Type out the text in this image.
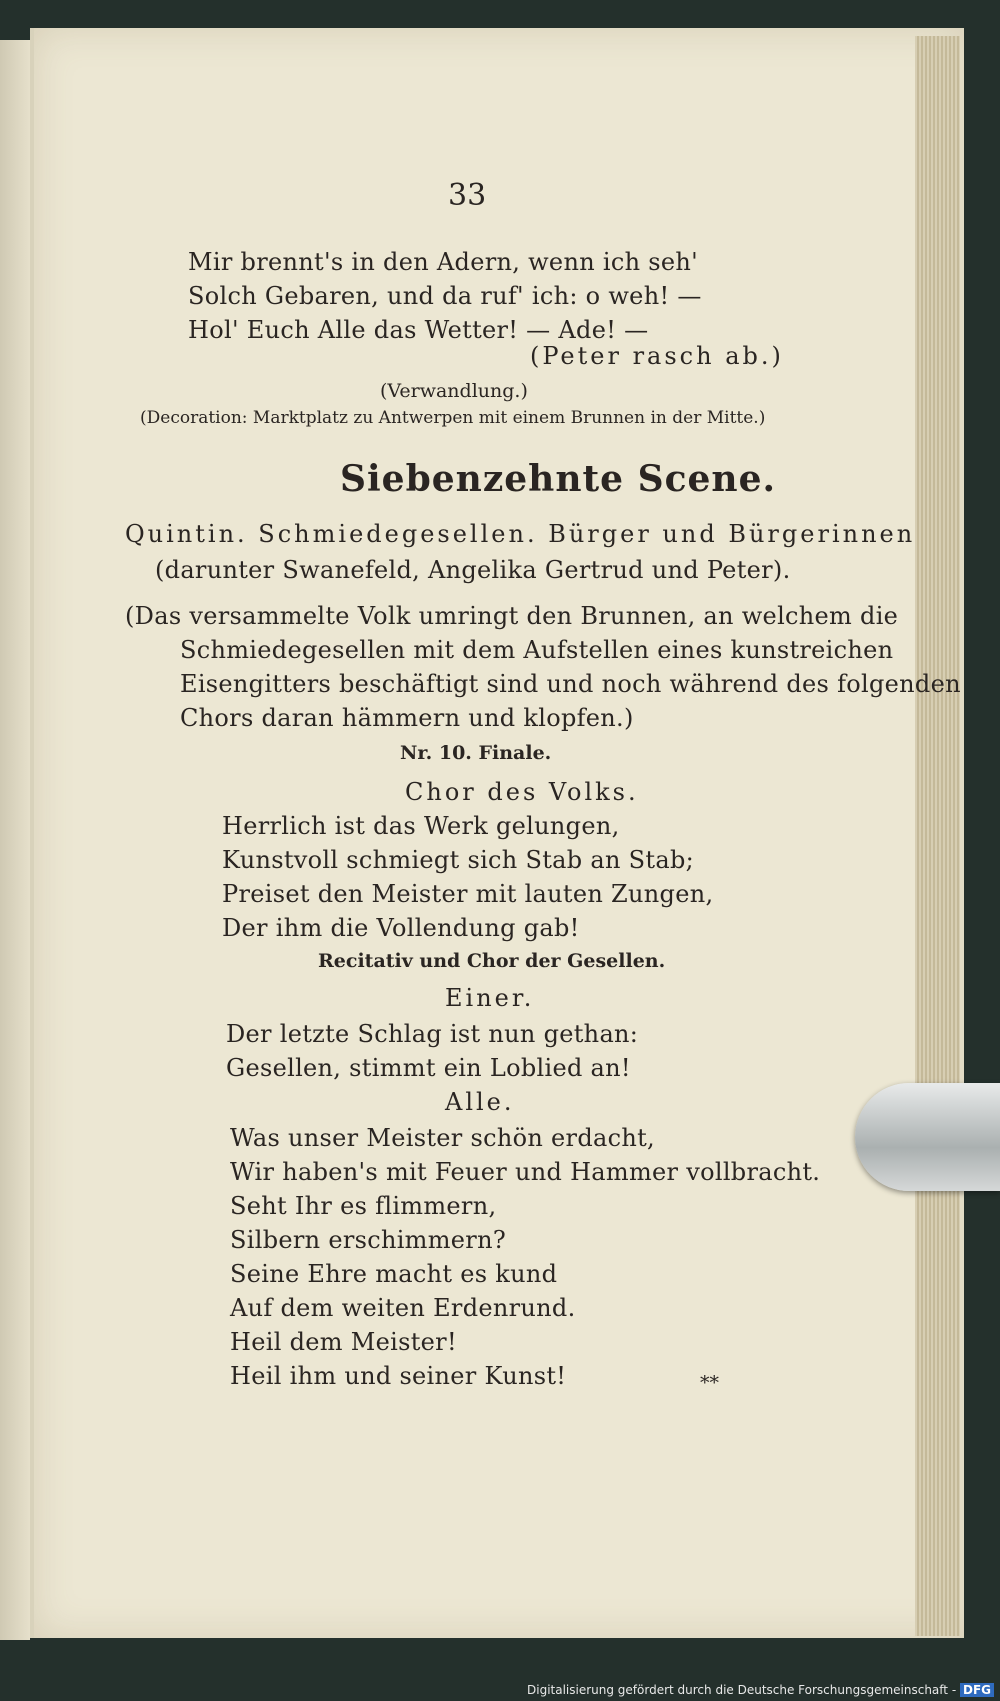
33
Mir brennt's in den Adern, wenn ich seh'
Solch Gebaren, und da ruf' ich: o weh! —
Hol' Euch Alle das Wetter! — Ade! —
(Peter rasch ab.)
(Verwandlung.)
(Decoration: Marktplatz zu Antwerpen mit einem Brunnen in der Mitte.)
Siebenzehnte Scene.
Quintin. Schmiedegesellen. Bürger und Bürgerinnen
(darunter Swanefeld, Angelika Gertrud und Peter).
(Das versammelte Volk umringt den Brunnen, an welchem die
Schmiedegesellen mit dem Aufstellen eines kunstreichen
Eisengitters beschäftigt sind und noch während des folgenden
Chors daran hämmern und klopfen.)
Nr. 10. Finale.
Chor des Volks.
Herrlich ist das Werk gelungen,
Kunstvoll schmiegt sich Stab an Stab;
Preiset den Meister mit lauten Zungen,
Der ihm die Vollendung gab!
Recitativ und Chor der Gesellen.
Einer.
Der letzte Schlag ist nun gethan:
Gesellen, stimmt ein Loblied an!
Alle.
Was unser Meister schön erdacht,
Wir haben's mit Feuer und Hammer vollbracht.
Seht Ihr es flimmern,
Silbern erschimmern?
Seine Ehre macht es kund
Auf dem weiten Erdenrund.
Heil dem Meister!
Heil ihm und seiner Kunst!	**
Digitalisierung gefördert durch die Deutsche Forschungsgemeinschaft - DFG
